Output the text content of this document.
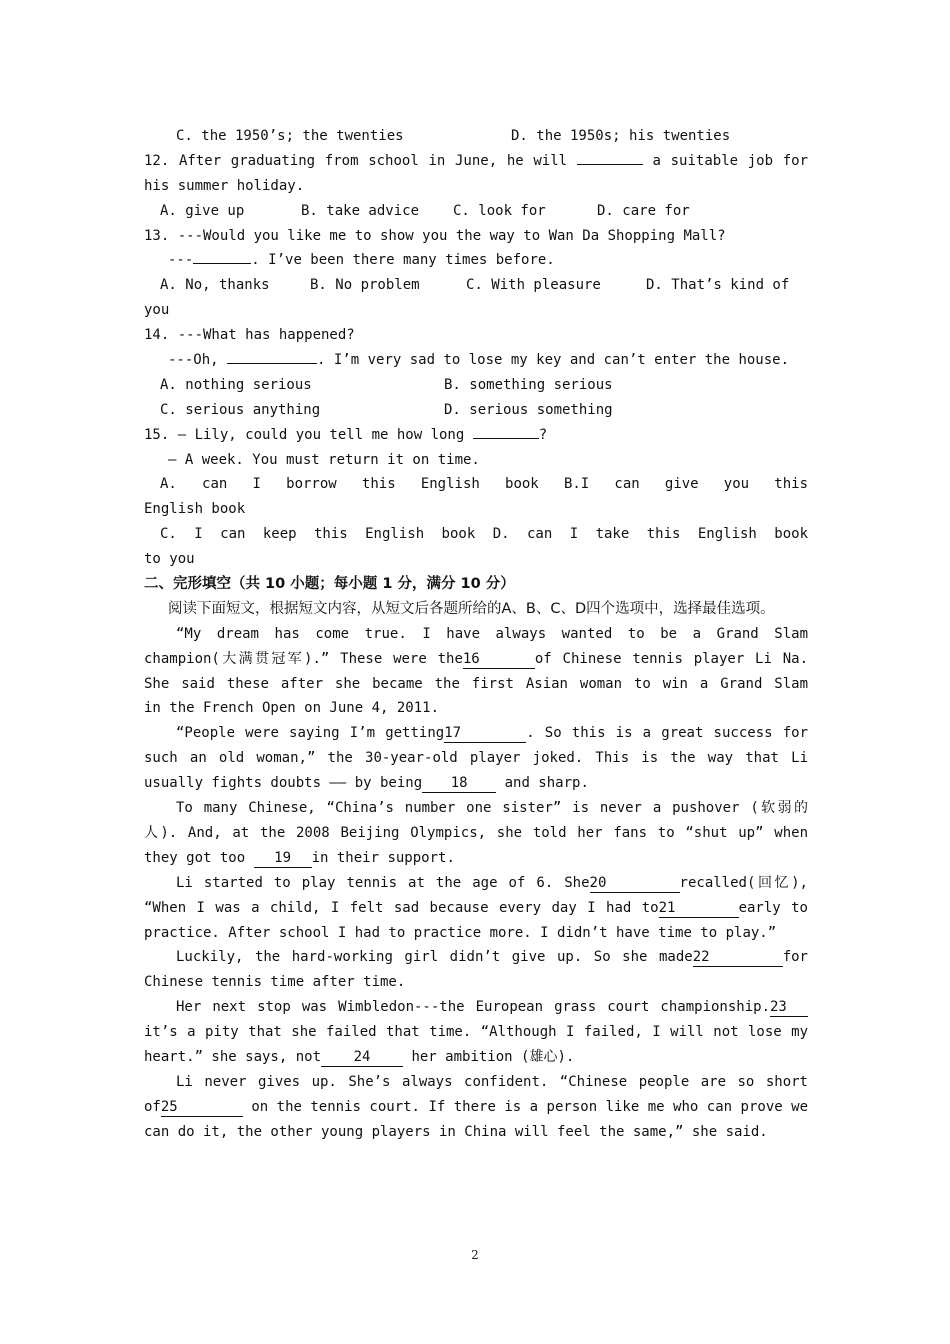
C. the 1950’s; the twenties	D. the 1950s; his twenties
12. After graduating from school in June, he will	a suitable job for
his summer holiday.
A. give up	B. take advice	C. look for	D. care for
13. ---Would you like me to show you the way to Wan Da Shopping Mall?
---	. I’ve been there many times before.
A. No, thanks	B. No problem	C. With pleasure	D. That’s kind of
you
14. ---What has happened?
---Oh,	. I’m very sad to lose my key and can’t enter the house.
A. nothing serious	B. something serious
C. serious anything	D. serious something
15. — Lily, could you tell me how long	?
— A week. You must return it on time.
A. can I borrow this English book B.I can give you this
English book
C. I can keep this English book D. can I take this English book
to you
二、完形填空（共 10 小题；每小题 1 分，满分 10 分）
阅读下面短文，根据短文内容，从短文后各题所给的A、B、C、D四个选项中，选择最佳选项。
“My dream has come true. I have always wanted to be a Grand Slam
champion(大满贯冠军).” These were the16	of Chinese tennis player Li Na.
She said these after she became the first Asian woman to win a Grand Slam
in the French Open on June 4, 2011.
“People were saying I’m getting17	. So this is a great success for
such an old woman,” the 30-year-old player joked. This is the way that Li
usually fights doubts —— by being 18	and sharp.
To many Chinese, “China’s number one sister” is never a pushover (软弱的
人). And, at the 2008 Beijing Olympics, she told her fans to “shut up” when
they got too 19 in their support.
Li started to play tennis at the age of 6. She20	recalled(回忆),
“When I was a child, I felt sad because every day I had to21	early to
practice. After school I had to practice more. I didn’t have time to play.”
Luckily, the hard-working girl didn’t give up. So she made22	for
Chinese tennis time after time.
Her next stop was Wimbledon---the European grass court championship.23
it’s a pity that she failed that time. “Although I failed, I will not lose my
heart.” she says, not 24	her ambition (雄心).
Li never gives up. She’s always confident. “Chinese people are so short
of25	on the tennis court. If there is a person like me who can prove we
can do it, the other young players in China will feel the same,” she said.
2
